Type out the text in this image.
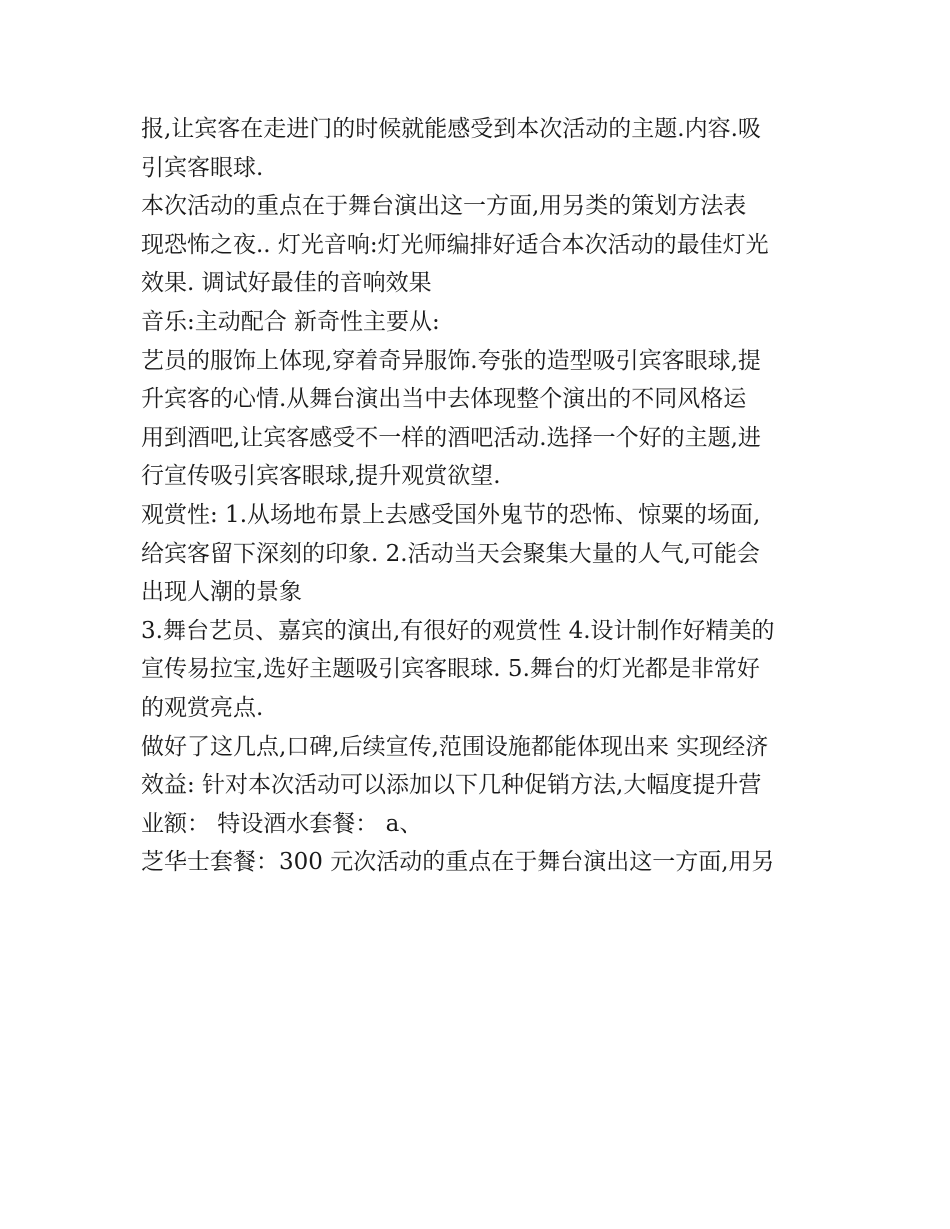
报,让宾客在走进门的时候就能感受到本次活动的主题.内容.吸
引宾客眼球.
本次活动的重点在于舞台演出这一方面,用另类的策划方法表
现恐怖之夜.. 灯光音响:灯光师编排好适合本次活动的最佳灯光
效果. 调试好最佳的音响效果
音乐:主动配合 新奇性主要从:
艺员的服饰上体现,穿着奇异服饰.夸张的造型吸引宾客眼球,提
升宾客的心情.从舞台演出当中去体现整个演出的不同风格运
用到酒吧,让宾客感受不一样的酒吧活动.选择一个好的主题,进
行宣传吸引宾客眼球,提升观赏欲望.
观赏性: 1.从场地布景上去感受国外鬼节的恐怖、惊粟的场面,
给宾客留下深刻的印象. 2.活动当天会聚集大量的人气,可能会
出现人潮的景象
3.舞台艺员、嘉宾的演出,有很好的观赏性 4.设计制作好精美的
宣传易拉宝,选好主题吸引宾客眼球. 5.舞台的灯光都是非常好
的观赏亮点.
做好了这几点,口碑,后续宣传,范围设施都能体现出来 实现经济
效益: 针对本次活动可以添加以下几种促销方法,大幅度提升营
业额： 特设酒水套餐： a、
芝华士套餐：300 元次活动的重点在于舞台演出这一方面,用另
